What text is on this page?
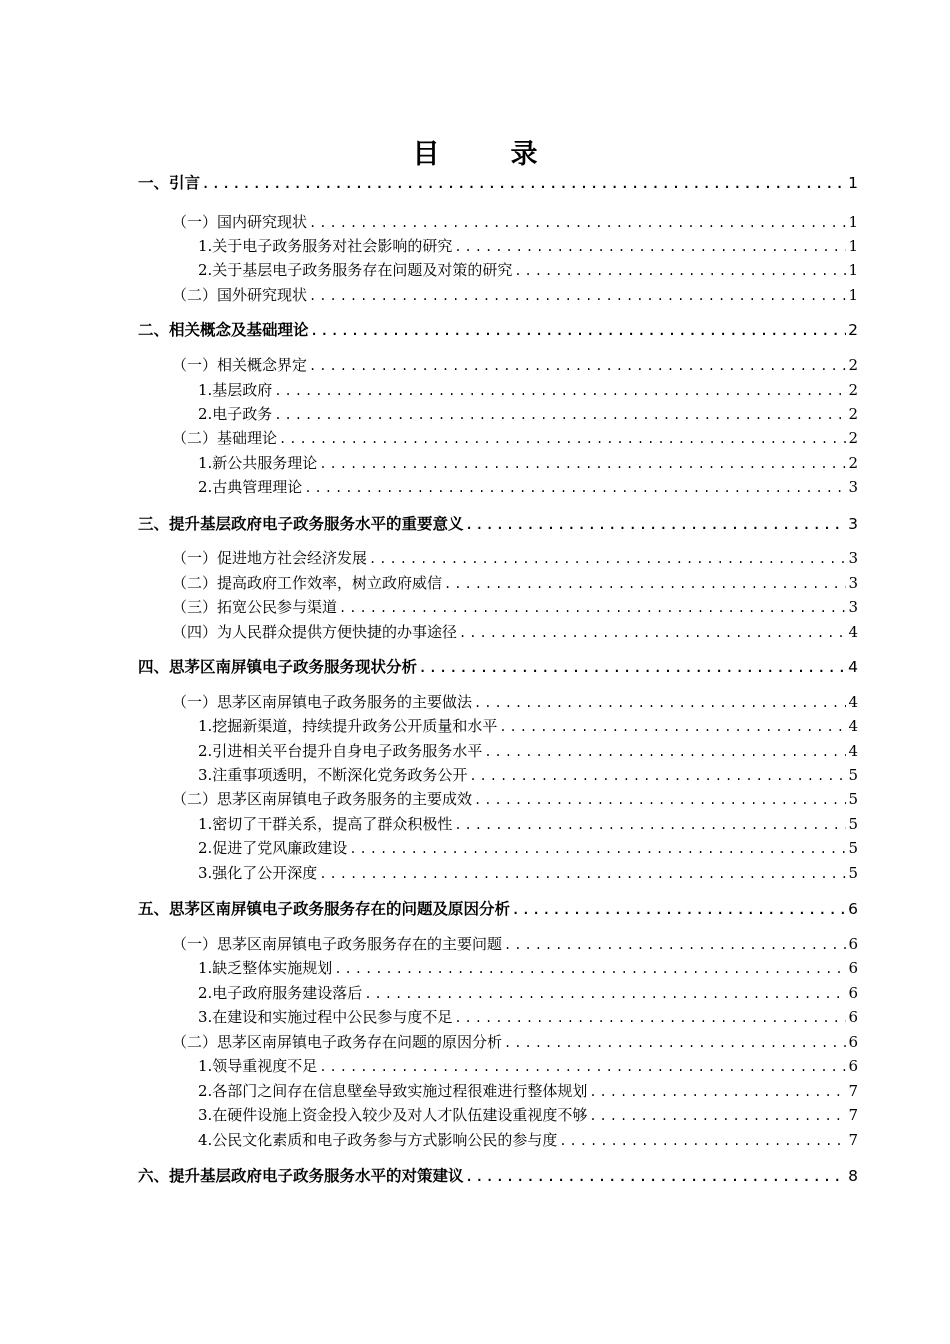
目　录
一、引言 .....	1
（一）国内研究现状 .....	1
1.关于电子政务服务对社会影响的研究 .....	1
2.关于基层电子政务服务存在问题及对策的研究 .....	1
（二）国外研究现状 .....	1
二、相关概念及基础理论 .....	2
（一）相关概念界定 .....	2
1.基层政府 .....	2
2.电子政务 .....	2
（二）基础理论 .....	2
1.新公共服务理论 .....	2
2.古典管理理论 .....	3
三、提升基层政府电子政务服务水平的重要意义 .....	3
（一）促进地方社会经济发展 .....	3
（二）提高政府工作效率，树立政府威信 .....	3
（三）拓宽公民参与渠道 .....	3
（四）为人民群众提供方便快捷的办事途径 .....	4
四、思茅区南屏镇电子政务服务现状分析 .....	4
（一）思茅区南屏镇电子政务服务的主要做法 .....	4
1.挖掘新渠道，持续提升政务公开质量和水平 .....	4
2.引进相关平台提升自身电子政务服务水平 .....	4
3.注重事项透明，不断深化党务政务公开 .....	5
（二）思茅区南屏镇电子政务服务的主要成效 .....	5
1.密切了干群关系，提高了群众积极性 .....	5
2.促进了党风廉政建设 .....	5
3.强化了公开深度 .....	5
五、思茅区南屏镇电子政务服务存在的问题及原因分析 .....	6
（一）思茅区南屏镇电子政务服务存在的主要问题 .....	6
1.缺乏整体实施规划 .....	6
2.电子政府服务建设落后 .....	6
3.在建设和实施过程中公民参与度不足 .....	6
（二）思茅区南屏镇电子政务存在问题的原因分析 .....	6
1.领导重视度不足 .....	6
2.各部门之间存在信息壁垒导致实施过程很难进行整体规划 .....	7
3.在硬件设施上资金投入较少及对人才队伍建设重视度不够 .....	7
4.公民文化素质和电子政务参与方式影响公民的参与度 .....	7
六、提升基层政府电子政务服务水平的对策建议 .....	8
